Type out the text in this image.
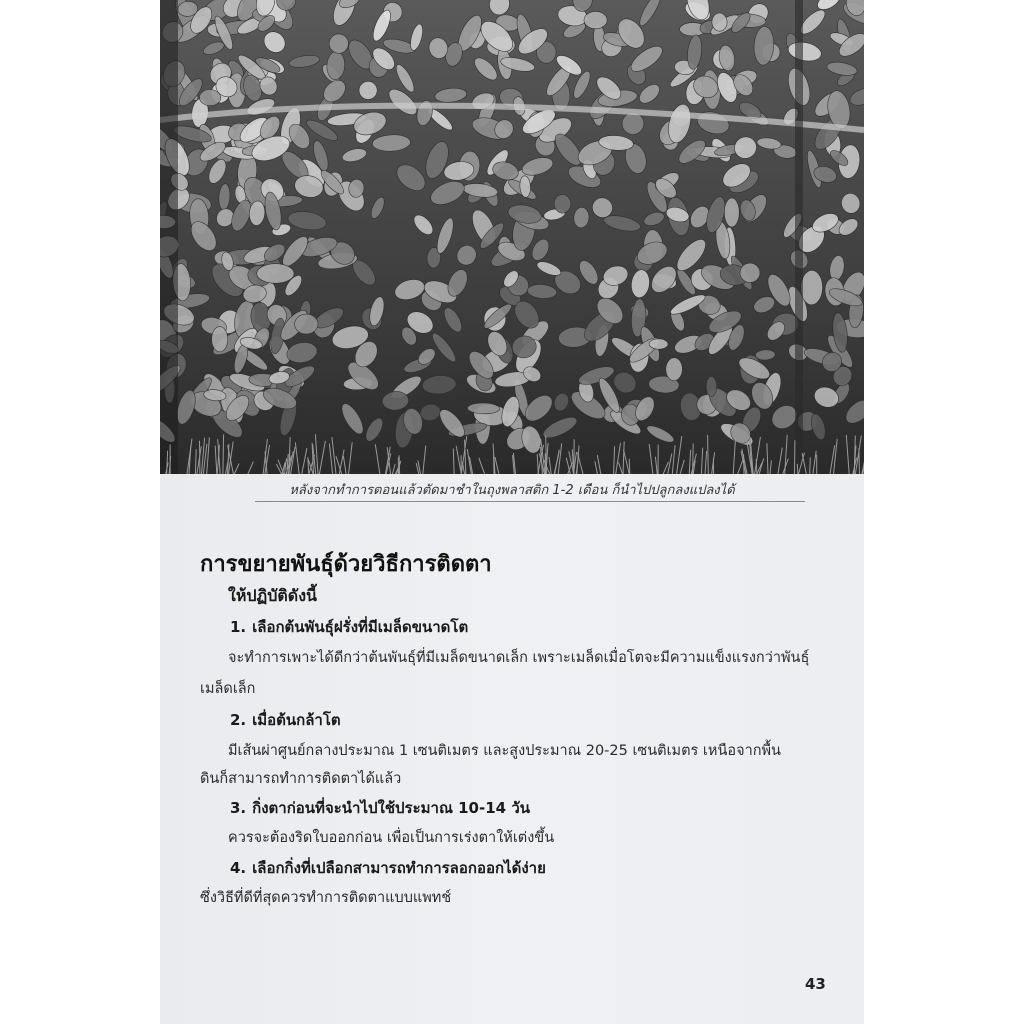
หลังจากทำการตอนแล้วตัดมาชำในถุงพลาสติก 1-2 เดือน ก็นำไปปลูกลงแปลงได้
การขยายพันธุ์ด้วยวิธีการติดตา
ให้ปฏิบัติดังนี้
1. เลือกต้นพันธุ์ฝรั่งที่มีเมล็ดขนาดโต
จะทำการเพาะได้ดีกว่าต้นพันธุ์ที่มีเมล็ดขนาดเล็ก เพราะเมล็ดเมื่อโตจะมีความแข็งแรงกว่าพันธุ์
เมล็ดเล็ก
2. เมื่อต้นกล้าโต
มีเส้นผ่าศูนย์กลางประมาณ 1 เซนติเมตร และสูงประมาณ 20-25 เซนติเมตร เหนือจากพื้น
ดินก็สามารถทำการติดตาได้แล้ว
3. กิ่งตาก่อนที่จะนำไปใช้ประมาณ 10-14 วัน
ควรจะต้องริดใบออกก่อน เพื่อเป็นการเร่งตาให้เต่งขึ้น
4. เลือกกิ่งที่เปลือกสามารถทำการลอกออกได้ง่าย
ซึ่งวิธีที่ดีที่สุดควรทำการติดตาแบบแพทช์
43
